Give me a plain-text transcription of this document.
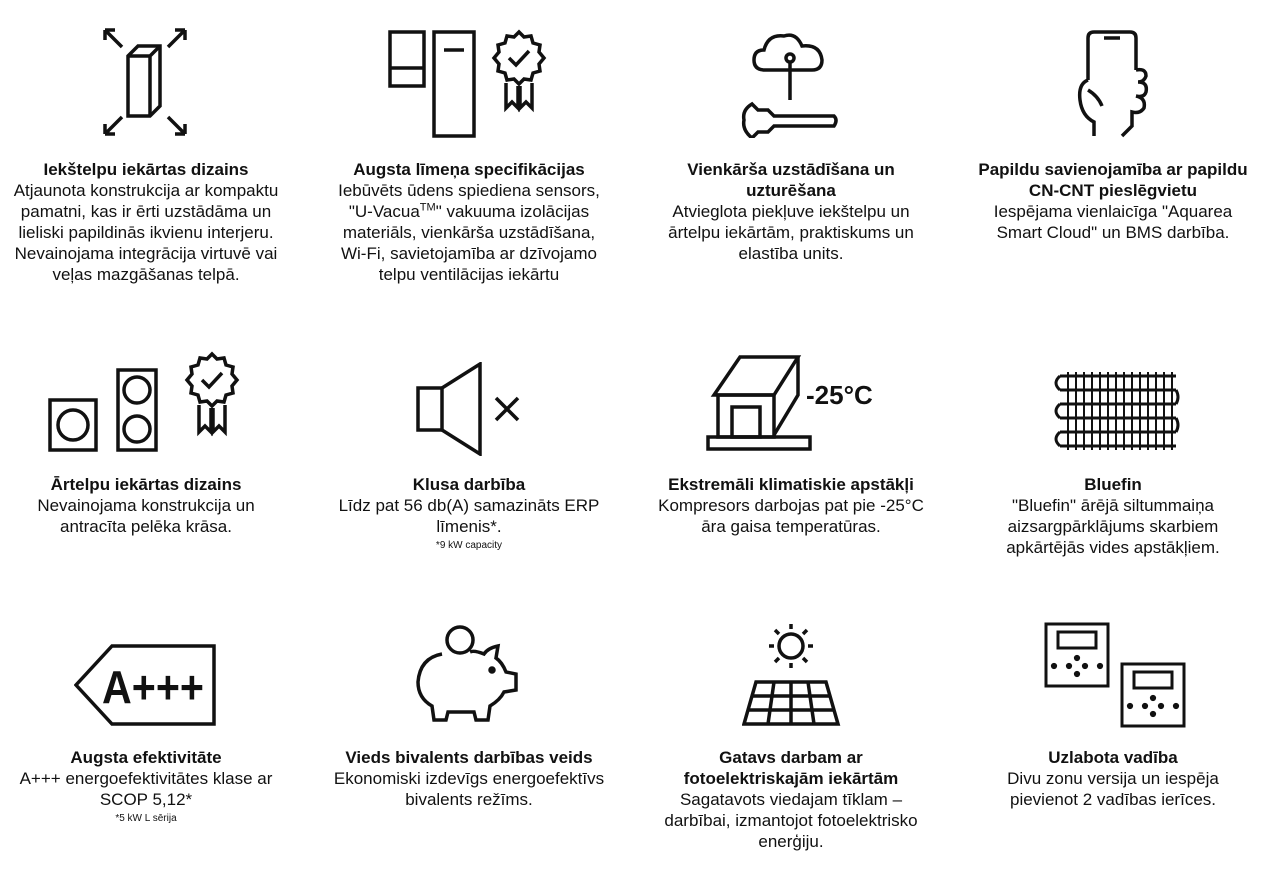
Iekštelpu iekārtas dizains
Atjaunota konstrukcija ar kompaktu
pamatni, kas ir ērti uzstādāma un
lieliski papildinās ikvienu interjeru.
Nevainojama integrācija virtuvē vai
veļas mazgāšanas telpā.
Augsta līmeņa specifikācijas
Iebūvēts ūdens spiediena sensors,
"U-Vacua™" vakuuma izolācijas
materiāls, vienkārša uzstādīšana,
Wi-Fi, savietojamība ar dzīvojamo
telpu ventilācijas iekārtu
Vienkārša uzstādīšana un
uzturēšana
Atvieglota piekļuve iekštelpu un
ārtelpu iekārtām, praktiskums un
elastība units.
Papildu savienojamība ar papildu
CN-CNT pieslēgvietu
Iespējama vienlaicīga "Aquarea
Smart Cloud" un BMS darbība.
Ārtelpu iekārtas dizains
Nevainojama konstrukcija un
antracīta pelēka krāsa.
Klusa darbība
Līdz pat 56 db(A) samazināts ERP
līmenis*.
*9 kW capacity
-25°C
Ekstremāli klimatiskie apstākļi
Kompresors darbojas pat pie -25°C
āra gaisa temperatūras.
Bluefin
"Bluefin" ārējā siltummaiņa
aizsargpārklājums skarbiem
apkārtējās vides apstākļiem.
A+++
Augsta efektivitāte
A+++ energoefektivitātes klase ar
SCOP 5,12*
*5 kW L sērija
Vieds bivalents darbības veids
Ekonomiski izdevīgs energoefektīvs
bivalents režīms.
Gatavs darbam ar
fotoelektriskajām iekārtām
Sagatavots viedajam tīklam –
darbībai, izmantojot fotoelektrisko
enerģiju.
Uzlabota vadība
Divu zonu versija un iespēja
pievienot 2 vadības ierīces.
